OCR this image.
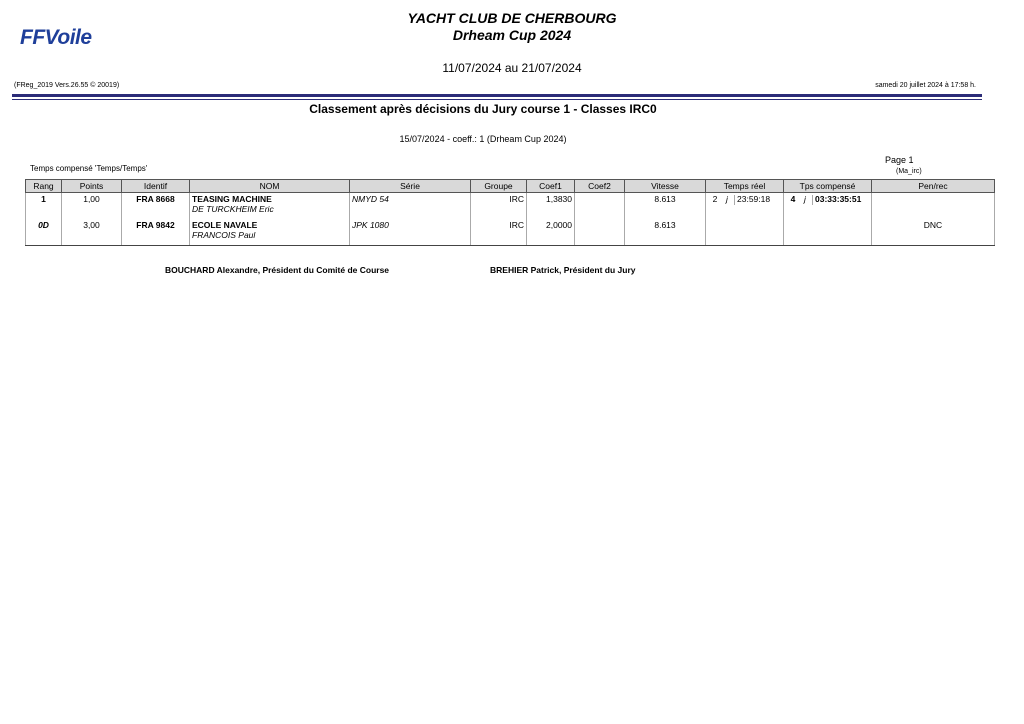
FFVoile
YACHT CLUB DE CHERBOURG
Drheam Cup 2024
11/07/2024 au 21/07/2024
(FReg_2019 Vers.26.55 © 20019)	samedi 20 juillet 2024 à 17:58 h.
Classement après décisions du Jury course 1 - Classes IRC0
15/07/2024 - coeff.: 1 (Drheam Cup 2024)
Page 1
(Ma_irc)
Temps compensé 'Temps/Temps'
Rang	Points	Identif	NOM	Série	Groupe	Coef1	Coef2	Vitesse	Temps réel	Tps compensé	Pen/rec
1	1,00	FRA 8668	TEASING MACHINE
DE TURCKHEIM Eric	NMYD 54	IRC	1,3830		8.613	2 j 23:59:18	4 j 03:33:35:51	
0D	3,00	FRA 9842	ECOLE NAVALE
FRANCOIS Paul	JPK 1080	IRC	2,0000		8.613			DNC
BOUCHARD Alexandre, Président du Comité de Course	BREHIER Patrick, Président du Jury
